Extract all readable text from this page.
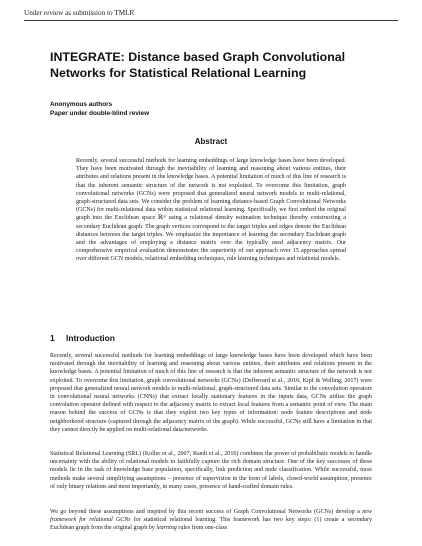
Under review as submission to TMLR
INTEGRATE: Distance based Graph Convolutional Networks for Statistical Relational Learning
Anonymous authors
Paper under double-blind review
Abstract

Recently, several successful methods for learning embeddings of large knowledge bases have been developed. They have been motivated through the inevitability of learning and reasoning about various entities, their attributes and relations present in the knowledge bases. A potential limitation of much of this line of research is that the inherent semantic structure of the network is not exploited. To overcome this limitation, graph convolutional networks (GCNs) were proposed that generalized neural network models to multi-relational, graph-structured data sets. We consider the problem of learning distance-based Graph Convolutional Networks (GCNs) for multi-relational data within statistical relational learning. Specifically, we first embed the original graph into the Euclidean space ℝᵐ using a relational density estimation technique thereby constructing a secondary Euclidean graph. The graph vertices correspond to the target triples and edges denote the Euclidean distances between the target triples. We emphasize the importance of learning the secondary Euclidean graph and the advantages of employing a distance matrix over the typically used adjacency matrix. Our comprehensive empirical evaluation demonstrates the superiority of our approach over 15 approaches spread over different GCN models, relational embedding techniques, rule learning techniques and relational models.

1 Introduction

Recently, several successful methods for learning embeddings of large knowledge bases have been developed which have been motivated through the inevitability of learning and reasoning about various entities, their attributes and relations present in the knowledge bases. A potential limitation of much of this line of research is that the inherent semantic structure of the network is not exploited. To overcome this limitation, graph convolutional networks (GCNs) (Defferrard et al., 2016; Kipf & Welling, 2017) were proposed that generalized neural network models to multi-relational, graph-structured data sets. Similar to the convolution operators in convolutional neural networks (CNNs) that extract locally stationary features in the inputs data, GCNs utilize the graph convolution operator defined with respect to the adjacency matrix to extract local features from a semantic point of view. The main reason behind the success of GCNs is that they exploit two key types of information: node feature descriptions and node neighborhood structure (captured through the adjacency matrix of the graph). While successful, GCNs still have a limitation in that they cannot directly be applied on multi-relational data/networks.

Statistical Relational Learning (SRL) (Koller et al., 2007; Raedt et al., 2016) combines the power of probabilistic models to handle uncertainty with the ability of relational models to faithfully capture the rich domain structure. One of the key successes of these models lie in the task of knowledge base population, specifically, link prediction and node classification. While successful, most methods make several simplifying assumptions – presence of supervision in the form of labels, closed-world assumption, presence of only binary relations and most importantly, in many cases, presence of hand-crafted domain rules.

We go beyond these assumptions and inspired by this recent success of Graph Convolutional Networks (GCNs) develop a new framework for relational GCNs for statistical relational learning. This framework has two key steps: (1) create a secondary Euclidean graph from the original graph by learning rules from one-class
